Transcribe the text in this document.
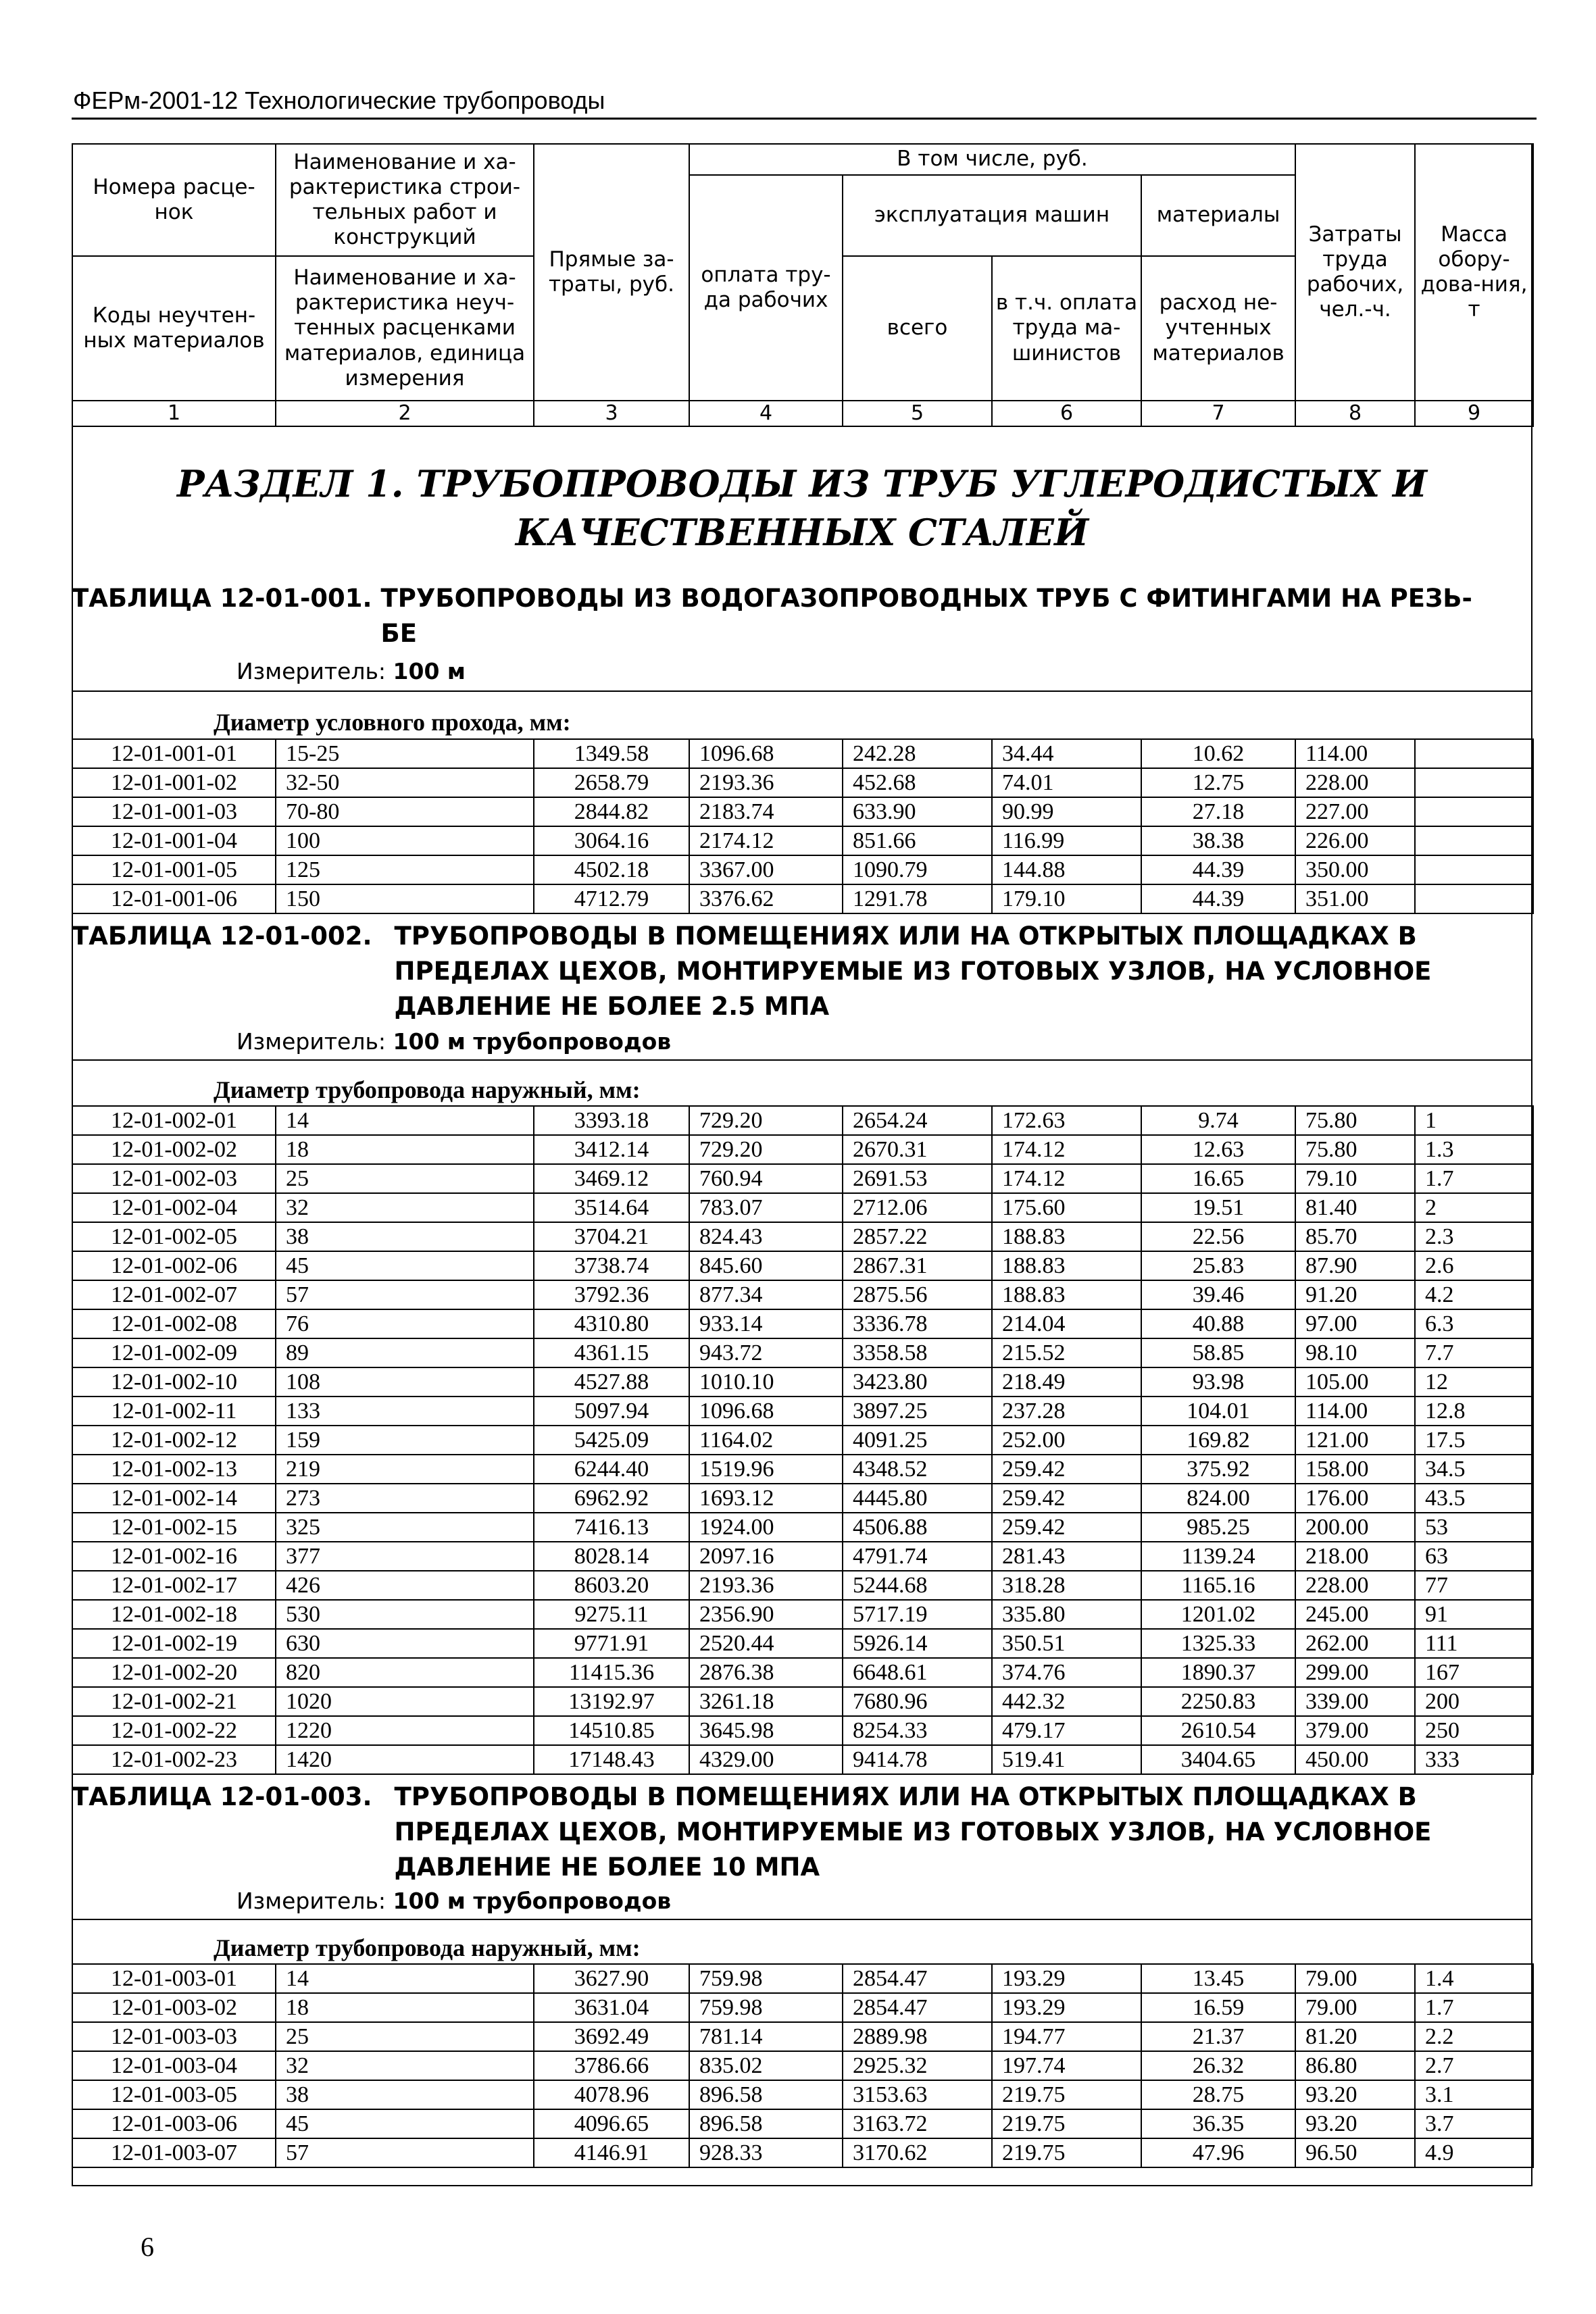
ФЕРм-2001-12 Технологические трубопроводы
Номера расце-нок	Наименование и ха-рактеристика строи-тельных работ и конструкций	Прямые за-траты, руб.	В том числе, руб.				Затраты труда рабочих, чел.-ч.	Масса обору-дова-ния, т
			оплата тру-да рабочих	эксплуатация машин		материалы		

Коды неучтен-ных материалов	Наименование и ха-рактеристика неуч-тенных расценками материалов, единица измерения			всего	в т.ч. оплата труда ма-шинистов	расход не-учтенных материалов		

1	2	3	4	5	6	7	8	9
РАЗДЕЛ 1. ТРУБОПРОВОДЫ ИЗ ТРУБ УГЛЕРОДИСТЫХ И КАЧЕСТВЕННЫХ СТАЛЕЙ
ТАБЛИЦА 12-01-001. ТРУБОПРОВОДЫ ИЗ ВОДОГАЗОПРОВОДНЫХ ТРУБ С ФИТИНГАМИ НА РЕЗЬ-БЕ
Измеритель: 100 м
Диаметр условного прохода, мм:
12-01-001-01	15-25	1349.58	1096.68	242.28	34.44	10.62	114.00	
12-01-001-02	32-50	2658.79	2193.36	452.68	74.01	12.75	228.00	
12-01-001-03	70-80	2844.82	2183.74	633.90	90.99	27.18	227.00	
12-01-001-04	100	3064.16	2174.12	851.66	116.99	38.38	226.00	
12-01-001-05	125	4502.18	3367.00	1090.79	144.88	44.39	350.00	
12-01-001-06	150	4712.79	3376.62	1291.78	179.10	44.39	351.00	
ТАБЛИЦА 12-01-002. ТРУБОПРОВОДЫ В ПОМЕЩЕНИЯХ ИЛИ НА ОТКРЫТЫХ ПЛОЩАДКАХ В ПРЕДЕЛАХ ЦЕХОВ, МОНТИРУЕМЫЕ ИЗ ГОТОВЫХ УЗЛОВ, НА УСЛОВНОЕ ДАВЛЕНИЕ НЕ БОЛЕЕ 2.5 МПА
Измеритель: 100 м трубопроводов
Диаметр трубопровода наружный, мм:
12-01-002-01	14	3393.18	729.20	2654.24	172.63	9.74	75.80	1
12-01-002-02	18	3412.14	729.20	2670.31	174.12	12.63	75.80	1.3
12-01-002-03	25	3469.12	760.94	2691.53	174.12	16.65	79.10	1.7
12-01-002-04	32	3514.64	783.07	2712.06	175.60	19.51	81.40	2
12-01-002-05	38	3704.21	824.43	2857.22	188.83	22.56	85.70	2.3
12-01-002-06	45	3738.74	845.60	2867.31	188.83	25.83	87.90	2.6
12-01-002-07	57	3792.36	877.34	2875.56	188.83	39.46	91.20	4.2
12-01-002-08	76	4310.80	933.14	3336.78	214.04	40.88	97.00	6.3
12-01-002-09	89	4361.15	943.72	3358.58	215.52	58.85	98.10	7.7
12-01-002-10	108	4527.88	1010.10	3423.80	218.49	93.98	105.00	12
12-01-002-11	133	5097.94	1096.68	3897.25	237.28	104.01	114.00	12.8
12-01-002-12	159	5425.09	1164.02	4091.25	252.00	169.82	121.00	17.5
12-01-002-13	219	6244.40	1519.96	4348.52	259.42	375.92	158.00	34.5
12-01-002-14	273	6962.92	1693.12	4445.80	259.42	824.00	176.00	43.5
12-01-002-15	325	7416.13	1924.00	4506.88	259.42	985.25	200.00	53
12-01-002-16	377	8028.14	2097.16	4791.74	281.43	1139.24	218.00	63
12-01-002-17	426	8603.20	2193.36	5244.68	318.28	1165.16	228.00	77
12-01-002-18	530	9275.11	2356.90	5717.19	335.80	1201.02	245.00	91
12-01-002-19	630	9771.91	2520.44	5926.14	350.51	1325.33	262.00	111
12-01-002-20	820	11415.36	2876.38	6648.61	374.76	1890.37	299.00	167
12-01-002-21	1020	13192.97	3261.18	7680.96	442.32	2250.83	339.00	200
12-01-002-22	1220	14510.85	3645.98	8254.33	479.17	2610.54	379.00	250
12-01-002-23	1420	17148.43	4329.00	9414.78	519.41	3404.65	450.00	333
ТАБЛИЦА 12-01-003. ТРУБОПРОВОДЫ В ПОМЕЩЕНИЯХ ИЛИ НА ОТКРЫТЫХ ПЛОЩАДКАХ В ПРЕДЕЛАХ ЦЕХОВ, МОНТИРУЕМЫЕ ИЗ ГОТОВЫХ УЗЛОВ, НА УСЛОВНОЕ ДАВЛЕНИЕ НЕ БОЛЕЕ 10 МПА
Измеритель: 100 м трубопроводов
Диаметр трубопровода наружный, мм:
12-01-003-01	14	3627.90	759.98	2854.47	193.29	13.45	79.00	1.4
12-01-003-02	18	3631.04	759.98	2854.47	193.29	16.59	79.00	1.7
12-01-003-03	25	3692.49	781.14	2889.98	194.77	21.37	81.20	2.2
12-01-003-04	32	3786.66	835.02	2925.32	197.74	26.32	86.80	2.7
12-01-003-05	38	4078.96	896.58	3153.63	219.75	28.75	93.20	3.1
12-01-003-06	45	4096.65	896.58	3163.72	219.75	36.35	93.20	3.7
12-01-003-07	57	4146.91	928.33	3170.62	219.75	47.96	96.50	4.9
6
